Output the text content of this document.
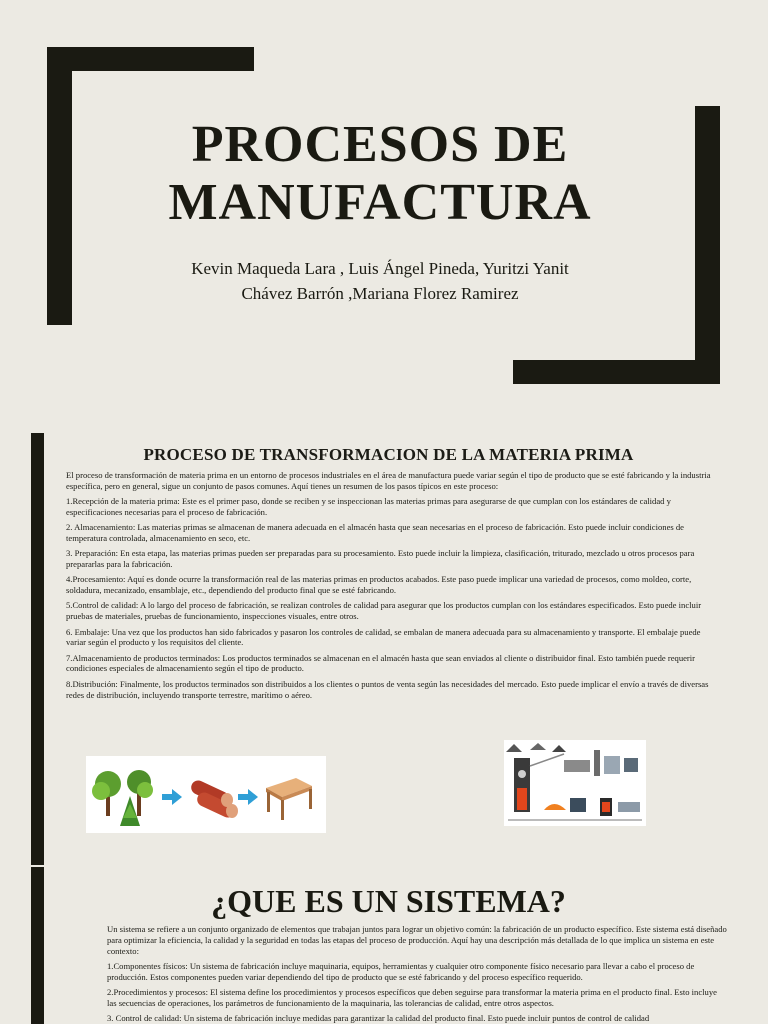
PROCESOS DE MANUFACTURA
Kevin Maqueda Lara , Luis Ángel Pineda, Yuritzi Yanit
Chávez Barrón ,Mariana Florez Ramirez
PROCESO DE TRANSFORMACION DE LA MATERIA PRIMA

El proceso de transformación de materia prima en un entorno de procesos industriales en el área de manufactura puede variar según el tipo de producto que se esté fabricando y la industria específica, pero en general, sigue un conjunto de pasos comunes. Aquí tienes un resumen de los pasos típicos en este proceso:

1.Recepción de la materia prima: Este es el primer paso, donde se reciben y se inspeccionan las materias primas para asegurarse de que cumplan con los estándares de calidad y especificaciones necesarias para el proceso de fabricación.

2. Almacenamiento: Las materias primas se almacenan de manera adecuada en el almacén hasta que sean necesarias en el proceso de fabricación. Esto puede incluir condiciones de temperatura controlada, almacenamiento en seco, etc.

3. Preparación: En esta etapa, las materias primas pueden ser preparadas para su procesamiento. Esto puede incluir la limpieza, clasificación, triturado, mezclado u otros procesos para prepararlas para la fabricación.

4.Procesamiento: Aquí es donde ocurre la transformación real de las materias primas en productos acabados. Este paso puede implicar una variedad de procesos, como moldeo, corte, soldadura, mecanizado, ensamblaje, etc., dependiendo del producto final que se esté fabricando.

5.Control de calidad: A lo largo del proceso de fabricación, se realizan controles de calidad para asegurar que los productos cumplan con los estándares especificados. Esto puede incluir pruebas de materiales, pruebas de funcionamiento, inspecciones visuales, entre otros.

6. Embalaje: Una vez que los productos han sido fabricados y pasaron los controles de calidad, se embalan de manera adecuada para su almacenamiento y transporte. El embalaje puede variar según el producto y los requisitos del cliente.

7.Almacenamiento de productos terminados: Los productos terminados se almacenan en el almacén hasta que sean enviados al cliente o distribuidor final. Esto también puede requerir condiciones especiales de almacenamiento según el tipo de producto.

8.Distribución: Finalmente, los productos terminados son distribuidos a los clientes o puntos de venta según las necesidades del mercado. Esto puede implicar el envío a través de diversas redes de distribución, incluyendo transporte terrestre, marítimo o aéreo.

¿QUE ES UN SISTEMA?

Un sistema se refiere a un conjunto organizado de elementos que trabajan juntos para lograr un objetivo común: la fabricación de un producto específico. Este sistema está diseñado para optimizar la eficiencia, la calidad y la seguridad en todas las etapas del proceso de producción. Aquí hay una descripción más detallada de lo que implica un sistema en este contexto:

1.Componentes físicos: Un sistema de fabricación incluye maquinaria, equipos, herramientas y cualquier otro componente físico necesario para llevar a cabo el proceso de producción. Estos componentes pueden variar dependiendo del tipo de producto que se esté fabricando y del proceso específico requerido.

2.Procedimientos y procesos: El sistema define los procedimientos y procesos específicos que deben seguirse para transformar la materia prima en el producto final. Esto incluye las secuencias de operaciones, los parámetros de funcionamiento de la maquinaria, las tolerancias de calidad, entre otros aspectos.

3. Control de calidad: Un sistema de fabricación incluye medidas para garantizar la calidad del producto final. Esto puede incluir puntos de control de calidad
